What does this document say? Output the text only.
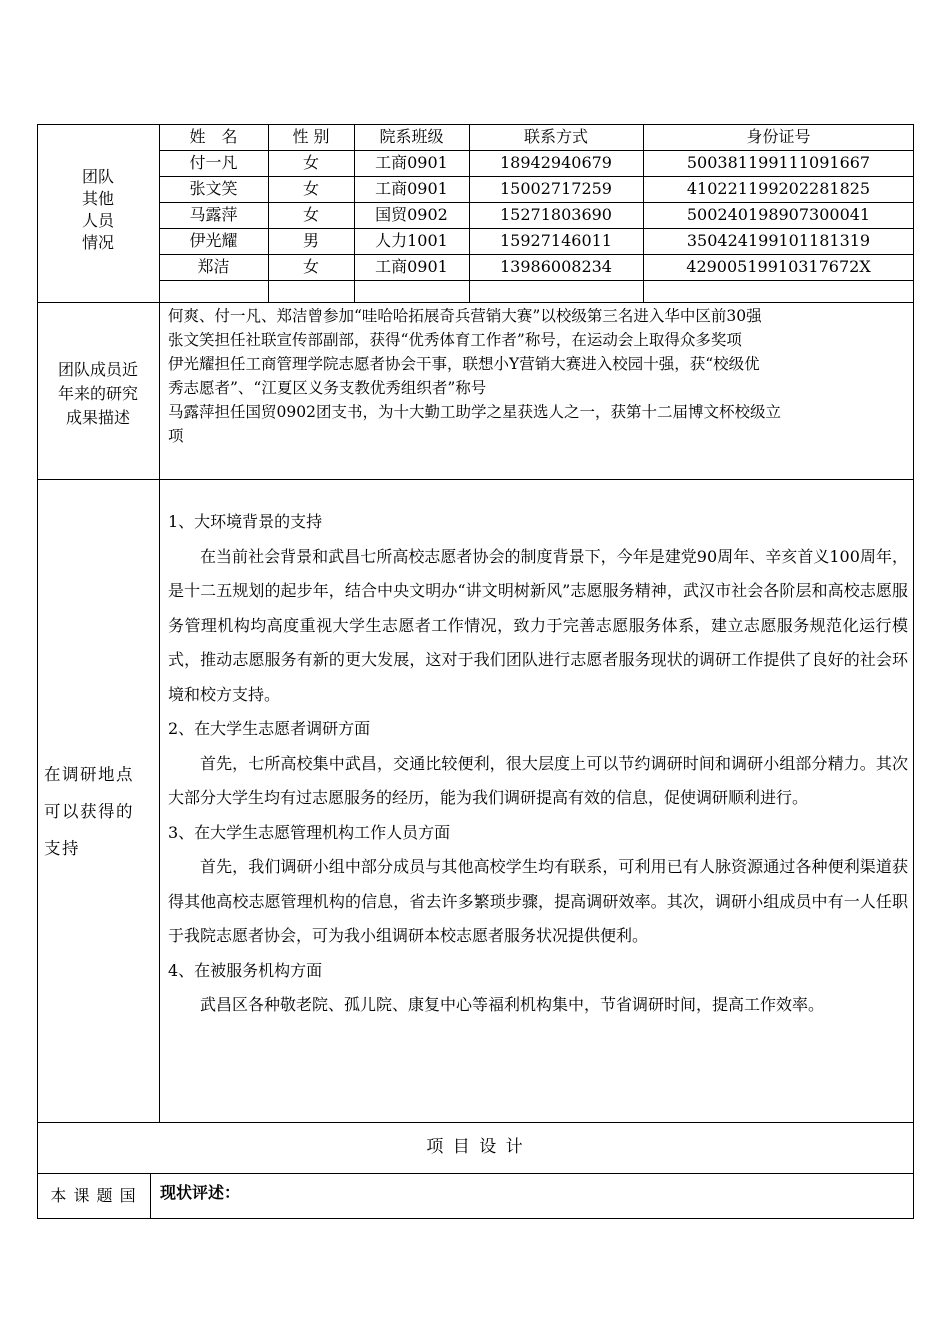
团队
其他
人员
情况
姓　名	性 别	院系班级	联系方式	身份证号
付一凡	女	工商0901	18942940679	500381199111091667
张文笑	女	工商0901	15002717259	410221199202281825
马露萍	女	国贸0902	15271803690	500240198907300041
伊光耀	男	人力1001	15927146011	350424199101181319
郑洁	女	工商0901	13986008234	42900519910317672X
团队成员近
年来的研究
成果描述

何爽、付一凡、郑洁曾参加“哇哈哈拓展奇兵营销大赛”以校级第三名进入华中区前30强

张文笑担任社联宣传部副部，获得“优秀体育工作者”称号，在运动会上取得众多奖项

伊光耀担任工商管理学院志愿者协会干事，联想小Y营销大赛进入校园十强，获“校级优

秀志愿者”、“江夏区义务支教优秀组织者”称号

马露萍担任国贸0902团支书，为十大勤工助学之星获选人之一，获第十二届博文杯校级立

项

在调研地点
可以获得的
支持

1、大环境背景的支持

在当前社会背景和武昌七所高校志愿者协会的制度背景下，今年是建党90周年、辛亥首义100周年，是十二五规划的起步年，结合中央文明办“讲文明树新风”志愿服务精神，武汉市社会各阶层和高校志愿服务管理机构均高度重视大学生志愿者工作情况，致力于完善志愿服务体系，建立志愿服务规范化运行模式，推动志愿服务有新的更大发展，这对于我们团队进行志愿者服务现状的调研工作提供了良好的社会环境和校方支持。

2、在大学生志愿者调研方面

首先，七所高校集中武昌，交通比较便利，很大层度上可以节约调研时间和调研小组部分精力。其次大部分大学生均有过志愿服务的经历，能为我们调研提高有效的信息，促使调研顺利进行。

3、在大学生志愿管理机构工作人员方面

首先，我们调研小组中部分成员与其他高校学生均有联系，可利用已有人脉资源通过各种便利渠道获得其他高校志愿管理机构的信息，省去许多繁琐步骤，提高调研效率。其次，调研小组成员中有一人任职于我院志愿者协会，可为我小组调研本校志愿者服务状况提供便利。

4、在被服务机构方面

武昌区各种敬老院、孤儿院、康复中心等福利机构集中，节省调研时间，提高工作效率。

项 目 设 计
本 课 题 国	现状评述：
